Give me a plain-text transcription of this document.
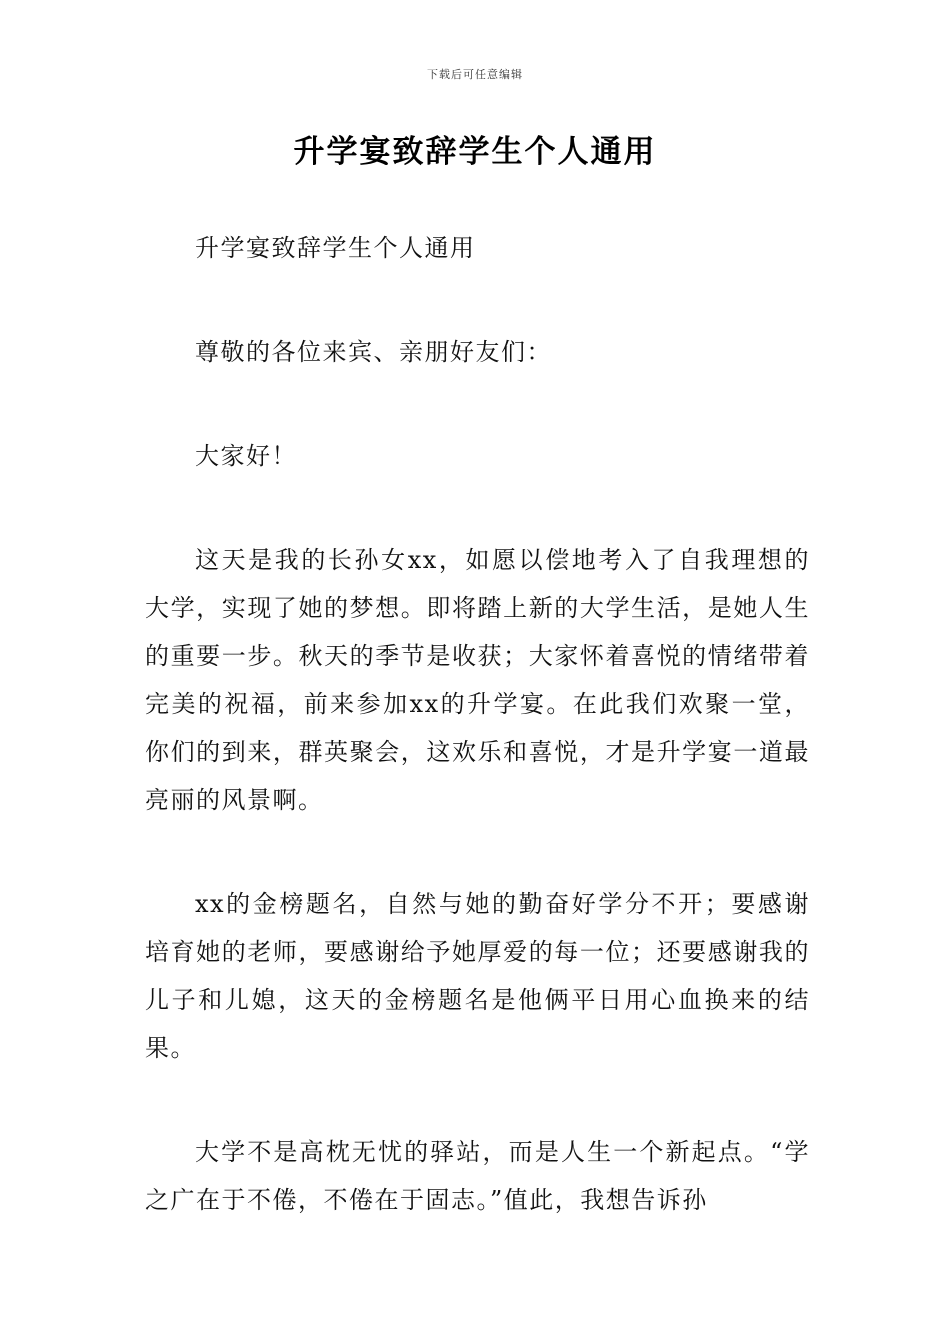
下载后可任意编辑
升学宴致辞学生个人通用

升学宴致辞学生个人通用

尊敬的各位来宾、亲朋好友们：

大家好！

这天是我的长孙女xx，如愿以偿地考入了自我理想的大学，实现了她的梦想。即将踏上新的大学生活，是她人生的重要一步。秋天的季节是收获；大家怀着喜悦的情绪带着完美的祝福，前来参加xx的升学宴。在此我们欢聚一堂，你们的到来，群英聚会，这欢乐和喜悦，才是升学宴一道最亮丽的风景啊。

xx的金榜题名，自然与她的勤奋好学分不开；要感谢培育她的老师，要感谢给予她厚爱的每一位；还要感谢我的儿子和儿媳，这天的金榜题名是他俩平日用心血换来的结果。

大学不是高枕无忧的驿站，而是人生一个新起点。“学之广在于不倦，不倦在于固志。”值此，我想告诉孙
